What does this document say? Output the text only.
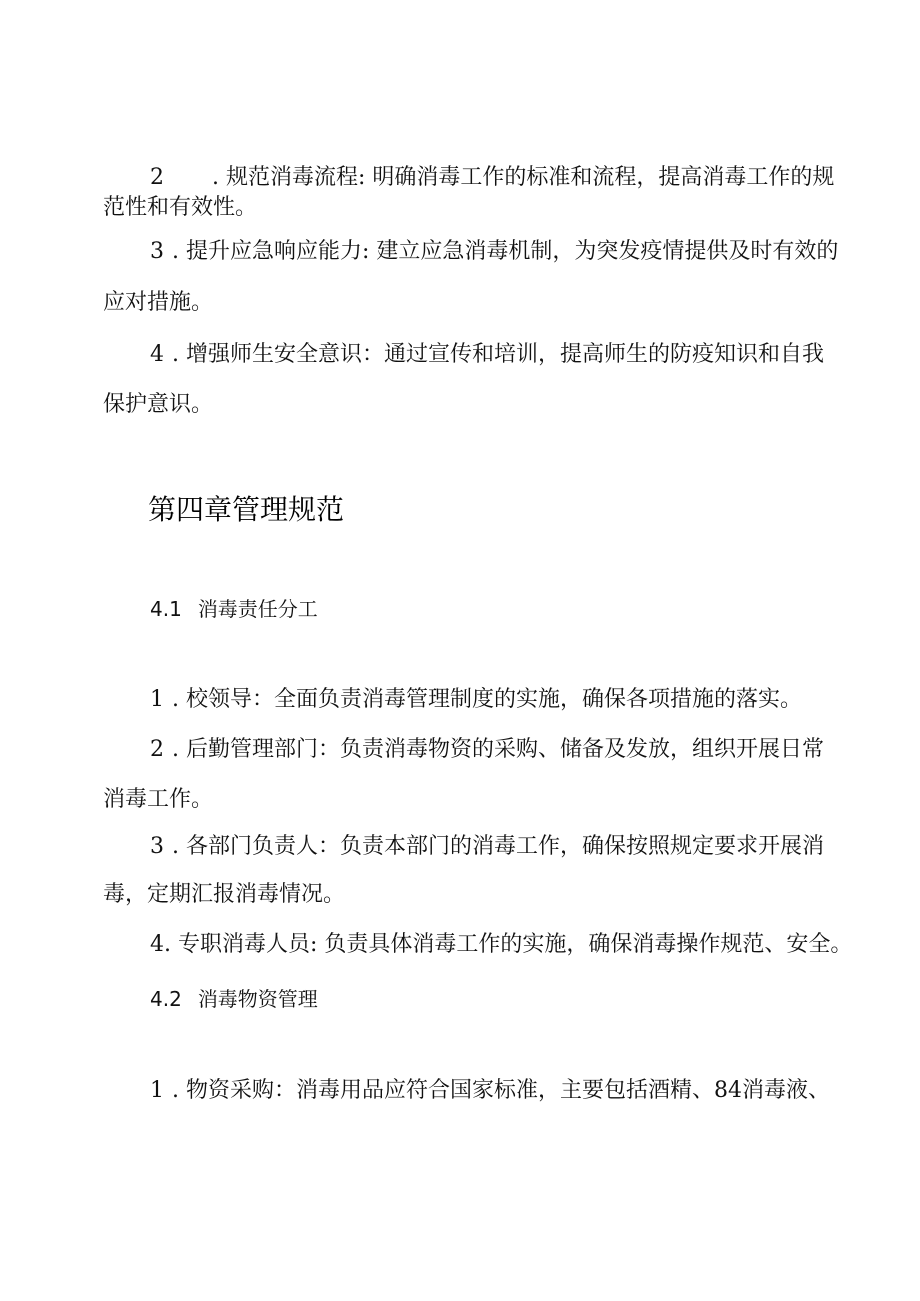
2 . 规范消毒流程: 明确消毒工作的标准和流程，提高消毒工作的规
范性和有效性。
3 . 提升应急响应能力: 建立应急消毒机制，为突发疫情提供及时有效的
应对措施。
4 . 增强师生安全意识：通过宣传和培训，提高师生的防疫知识和自我
保护意识。
第四章管理规范
4.1 消毒责任分工
1 . 校领导：全面负责消毒管理制度的实施，确保各项措施的落实。
2 . 后勤管理部门：负责消毒物资的采购、储备及发放，组织开展日常
消毒工作。
3 . 各部门负责人：负责本部门的消毒工作，确保按照规定要求开展消
毒，定期汇报消毒情况。
4. 专职消毒人员: 负责具体消毒工作的实施，确保消毒操作规范、安全。
4.2 消毒物资管理
1 . 物资采购：消毒用品应符合国家标准，主要包括酒精、84消毒液、
